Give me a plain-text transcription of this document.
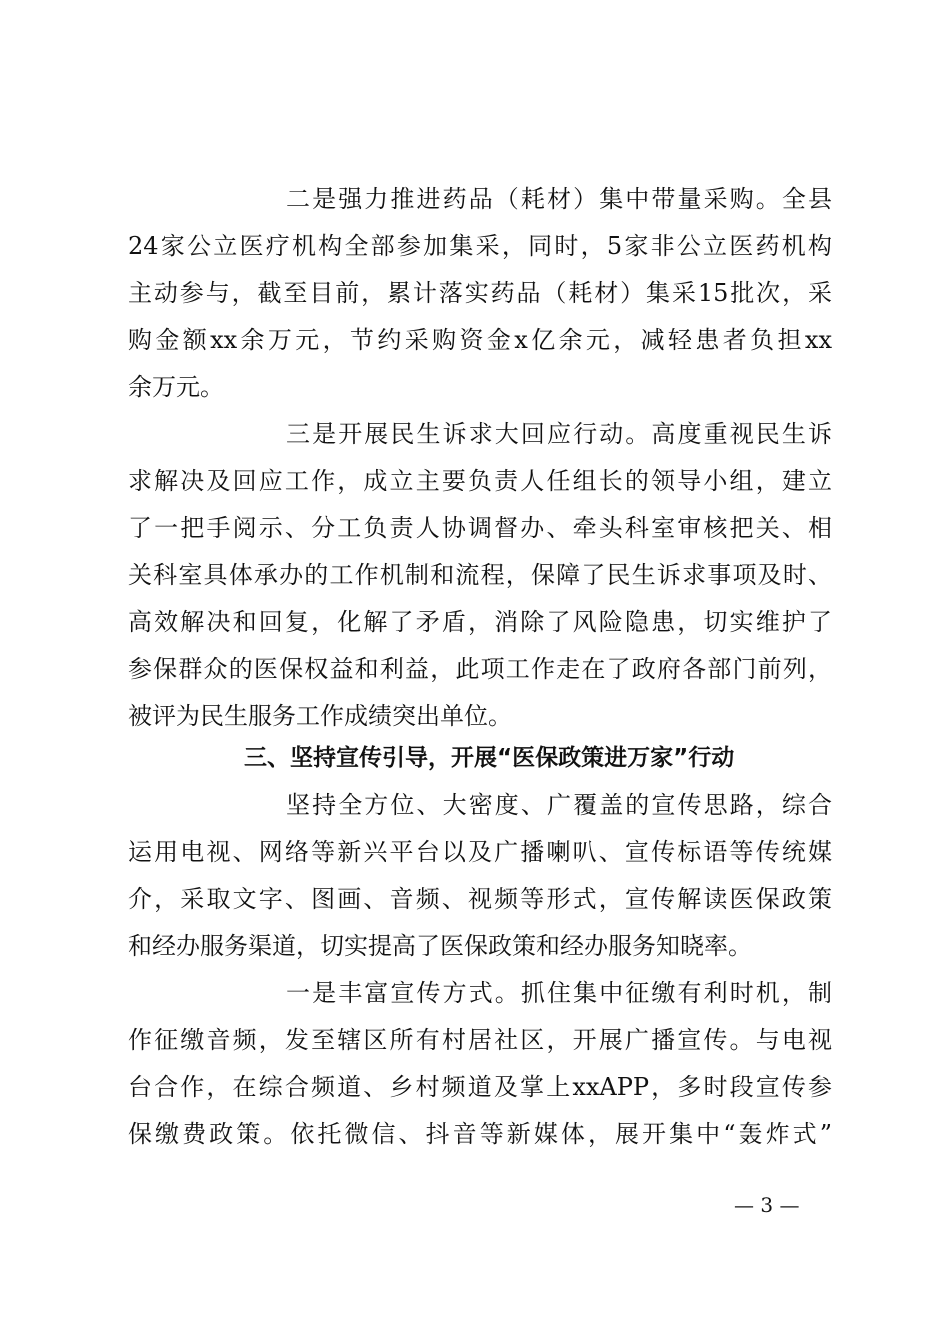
二是强力推进药品（耗材）集中带量采购。全县
24家公立医疗机构全部参加集采，同时，5家非公立医药机构
主动参与，截至目前，累计落实药品（耗材）集采15批次，采
购金额xx余万元，节约采购资金x亿余元，减轻患者负担xx
余万元。
三是开展民生诉求大回应行动。高度重视民生诉
求解决及回应工作，成立主要负责人任组长的领导小组，建立
了一把手阅示、分工负责人协调督办、牵头科室审核把关、相
关科室具体承办的工作机制和流程，保障了民生诉求事项及时、
高效解决和回复，化解了矛盾，消除了风险隐患，切实维护了
参保群众的医保权益和利益，此项工作走在了政府各部门前列，
被评为民生服务工作成绩突出单位。
三、坚持宣传引导，开展“医保政策进万家”行动
坚持全方位、大密度、广覆盖的宣传思路，综合
运用电视、网络等新兴平台以及广播喇叭、宣传标语等传统媒
介，采取文字、图画、音频、视频等形式，宣传解读医保政策
和经办服务渠道，切实提高了医保政策和经办服务知晓率。
一是丰富宣传方式。抓住集中征缴有利时机，制
作征缴音频，发至辖区所有村居社区，开展广播宣传。与电视
台合作，在综合频道、乡村频道及掌上xxAPP，多时段宣传参
保缴费政策。依托微信、抖音等新媒体，展开集中“轰炸式”
— 3 —
